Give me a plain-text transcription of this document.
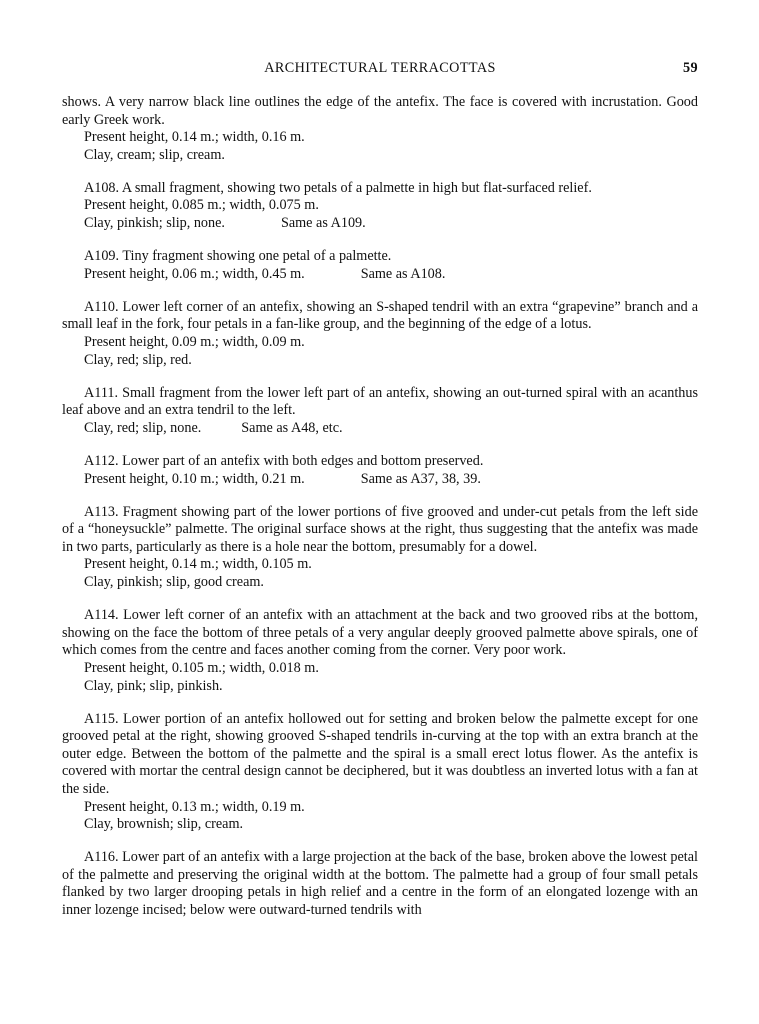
ARCHITECTURAL TERRACOTTAS	59

shows. A very narrow black line outlines the edge of the antefix. The face is covered with incrustation. Good early Greek work.

Present height, 0.14 m.; width, 0.16 m.
Clay, cream; slip, cream.

A108. A small fragment, showing two petals of a palmette in high but flat-surfaced relief.

Present height, 0.085 m.; width, 0.075 m.
Clay, pinkish; slip, none.	Same as A109.

A109. Tiny fragment showing one petal of a palmette.

Present height, 0.06 m.; width, 0.45 m.	Same as A108.

A110. Lower left corner of an antefix, showing an S-shaped tendril with an extra “grapevine” branch and a small leaf in the fork, four petals in a fan-like group, and the beginning of the edge of a lotus.

Present height, 0.09 m.; width, 0.09 m.
Clay, red; slip, red.

A111. Small fragment from the lower left part of an antefix, showing an out-turned spiral with an acanthus leaf above and an extra tendril to the left.

Clay, red; slip, none.	Same as A48, etc.

A112. Lower part of an antefix with both edges and bottom preserved.

Present height, 0.10 m.; width, 0.21 m.	Same as A37, 38, 39.

A113. Fragment showing part of the lower portions of five grooved and under-cut petals from the left side of a “honeysuckle” palmette. The original surface shows at the right, thus suggesting that the antefix was made in two parts, particularly as there is a hole near the bottom, presumably for a dowel.

Present height, 0.14 m.; width, 0.105 m.
Clay, pinkish; slip, good cream.

A114. Lower left corner of an antefix with an attachment at the back and two grooved ribs at the bottom, showing on the face the bottom of three petals of a very angular deeply grooved palmette above spirals, one of which comes from the centre and faces another coming from the corner. Very poor work.

Present height, 0.105 m.; width, 0.018 m.
Clay, pink; slip, pinkish.

A115. Lower portion of an antefix hollowed out for setting and broken below the palmette except for one grooved petal at the right, showing grooved S-shaped tendrils in-curving at the top with an extra branch at the outer edge. Between the bottom of the palmette and the spiral is a small erect lotus flower. As the antefix is covered with mortar the central design cannot be deciphered, but it was doubtless an inverted lotus with a fan at the side.

Present height, 0.13 m.; width, 0.19 m.
Clay, brownish; slip, cream.

A116. Lower part of an antefix with a large projection at the back of the base, broken above the lowest petal of the palmette and preserving the original width at the bottom. The palmette had a group of four small petals flanked by two larger drooping petals in high relief and a centre in the form of an elongated lozenge with an inner lozenge incised; below were outward-turned tendrils with
